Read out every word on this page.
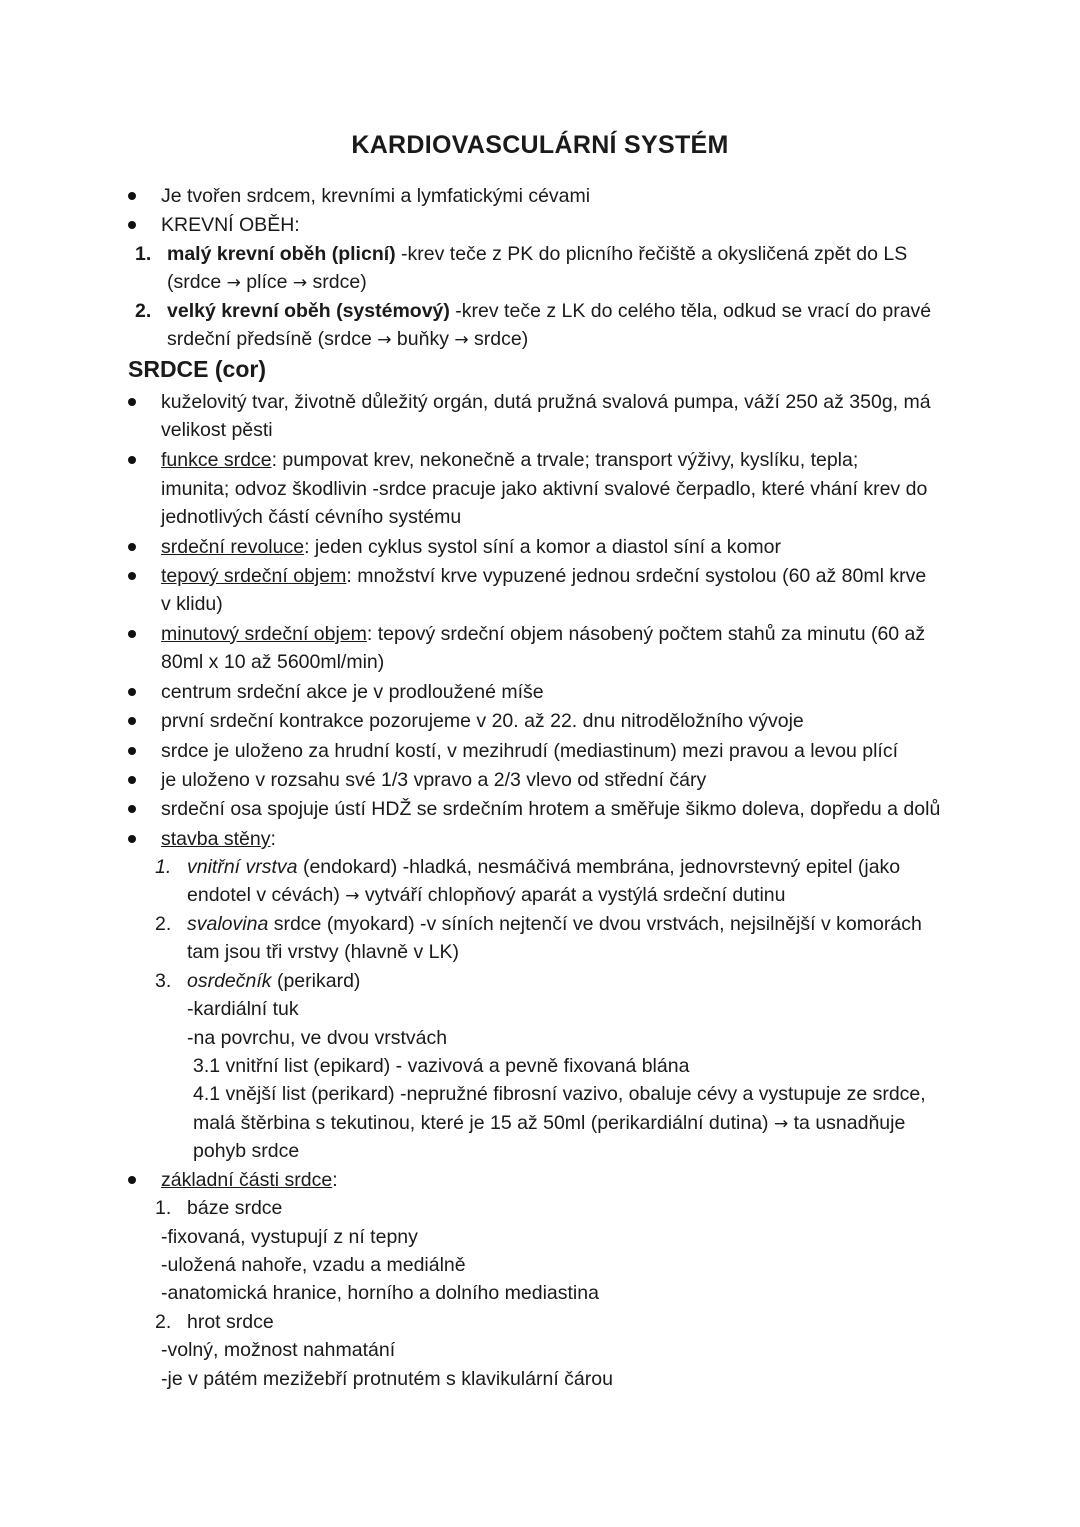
KARDIOVASCULÁRNÍ SYSTÉM
Je tvořen srdcem, krevními a lymfatickými cévami
KREVNÍ OBĚH:
1. malý krevní oběh (plicní) -krev teče z PK do plicního řečiště a okysličená zpět do LS
(srdce → plíce → srdce)
2. velký krevní oběh (systémový) -krev teče z LK do celého těla, odkud se vrací do pravé
srdeční předsíně (srdce → buňky → srdce)
SRDCE (cor)
kuželovitý tvar, životně důležitý orgán, dutá pružná svalová pumpa, váží 250 až 350g, má
velikost pěsti
funkce srdce: pumpovat krev, nekonečně a trvale; transport výživy, kyslíku, tepla;
imunita; odvoz škodlivin -srdce pracuje jako aktivní svalové čerpadlo, které vhání krev do
jednotlivých částí cévního systému
srdeční revoluce: jeden cyklus systol síní a komor a diastol síní a komor
tepový srdeční objem: množství krve vypuzené jednou srdeční systolou (60 až 80ml krve
v klidu)
minutový srdeční objem: tepový srdeční objem násobený počtem stahů za minutu (60 až
80ml x 10 až 5600ml/min)
centrum srdeční akce je v prodloužené míše
první srdeční kontrakce pozorujeme v 20. až 22. dnu nitroděložního vývoje
srdce je uloženo za hrudní kostí, v mezihrudí (mediastinum) mezi pravou a levou plící
je uloženo v rozsahu své 1/3 vpravo a 2/3 vlevo od střední čáry
srdeční osa spojuje ústí HDŽ se srdečním hrotem a směřuje šikmo doleva, dopředu a dolů
stavba stěny:
1. vnitřní vrstva (endokard) -hladká, nesmáčivá membrána, jednovrstevný epitel (jako
endotel v cévách) → vytváří chlopňový aparát a vystýlá srdeční dutinu
2. svalovina srdce (myokard) -v síních nejtenčí ve dvou vrstvách, nejsilnější v komorách
tam jsou tři vrstvy (hlavně v LK)
3. osrdečník (perikard)
-kardiální tuk
-na povrchu, ve dvou vrstvách
3.1 vnitřní list (epikard) - vazivová a pevně fixovaná blána
4.1 vnější list (perikard) -nepružné fibrosní vazivo, obaluje cévy a vystupuje ze srdce,
malá štěrbina s tekutinou, které je 15 až 50ml (perikardiální dutina) → ta usnadňuje
pohyb srdce
základní části srdce:
1. báze srdce
-fixovaná, vystupují z ní tepny
-uložená nahoře, vzadu a mediálně
-anatomická hranice, horního a dolního mediastina
2. hrot srdce
-volný, možnost nahmatání
-je v pátém mezižebří protnutém s klavikulární čárou
